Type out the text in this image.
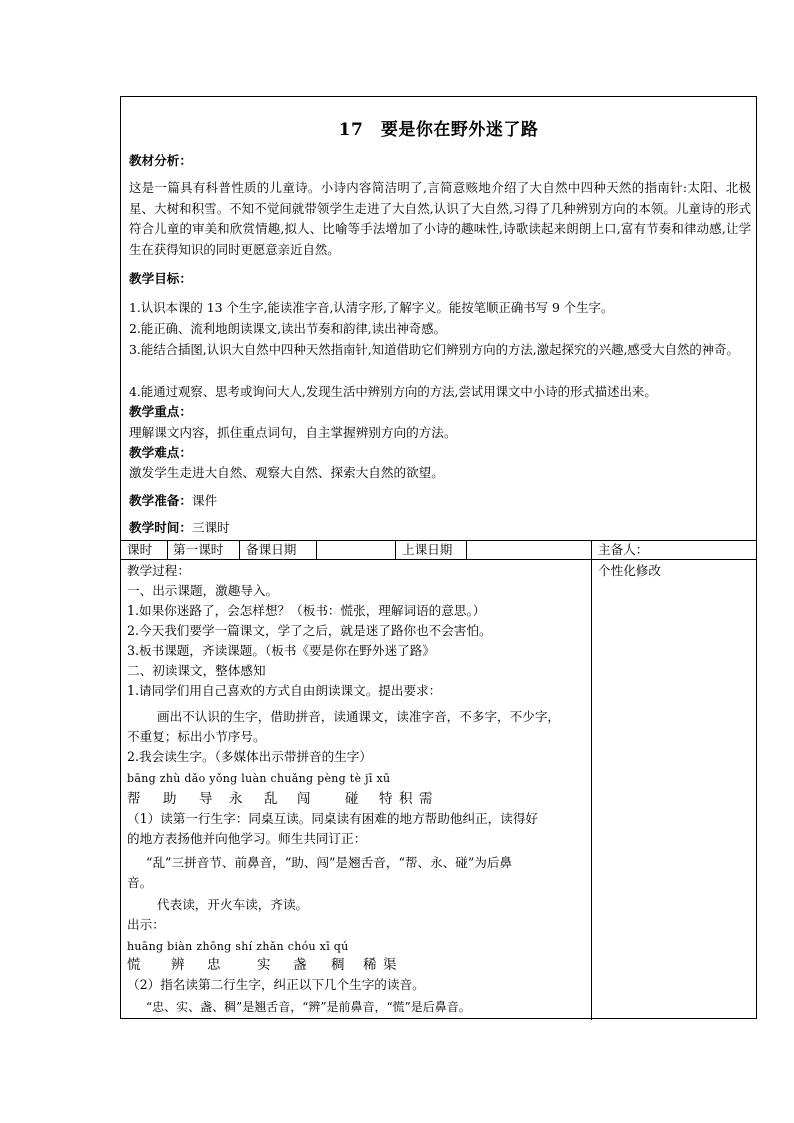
17　要是你在野外迷了路
教材分析：
这是一篇具有科普性质的儿童诗。小诗内容简洁明了,言简意赅地介绍了大自然中四种天然的指南针:太阳、北极星、大树和积雪。不知不觉间就带领学生走进了大自然,认识了大自然,习得了几种辨别方向的本领。儿童诗的形式符合儿童的审美和欣赏情趣,拟人、比喻等手法增加了小诗的趣味性,诗歌读起来朗朗上口,富有节奏和律动感,让学生在获得知识的同时更愿意亲近自然。
教学目标：
1.认识本课的 13 个生字,能读准字音,认清字形,了解字义。能按笔顺正确书写 9 个生字。
2.能正确、流利地朗读课文,读出节奏和韵律,读出神奇感。
3.能结合插图,认识大自然中四种天然指南针,知道借助它们辨别方向的方法,激起探究的兴趣,感受大自然的神奇。
4.能通过观察、思考或询问大人,发现生活中辨别方向的方法,尝试用课文中小诗的形式描述出来。
教学重点：
理解课文内容，抓住重点词句，自主掌握辨别方向的方法。
教学难点：
激发学生走进大自然、观察大自然、探索大自然的欲望。
教学准备：课件
教学时间：三课时
课时 第一课时 备课日期	上课日期	主备人：
个性化修改
教学过程：
一、出示课题，激趣导入。
1.如果你迷路了，会怎样想？（板书：慌张，理解词语的意思。）
2.今天我们要学一篇课文，学了之后，就是迷了路你也不会害怕。
3.板书课题，齐读课题。（板书《要是你在野外迷了路》
二、初读课文，整体感知
1.请同学们用自己喜欢的方式自由朗读课文。提出要求：
画出不认识的生字，借助拼音，读通课文，读准字音，不多字，不少字，
不重复；标出小节序号。
2.我会读生字。（多媒体出示带拼音的生字）
bāng zhù dǎo yǒng luàn chuǎng pèng tè jī xū
帮 助 导 永 乱 闯	碰 特 积 需
（1）读第一行生字：同桌互读。同桌读有困难的地方帮助他纠正，读得好
的地方表扬他并向他学习。师生共同订正：
“乱”三拼音节、前鼻音，“助、闯”是翘舌音，“帮、永、碰”为后鼻
音。
代表读，开火车读，齐读。
出示：
huāng biàn zhōng shí zhǎn chóu xī qú
慌 辨 忠	实 盏 稠 稀 渠
（2）指名读第二行生字，纠正以下几个生字的读音。
“忠、实、盏、稠”是翘舌音，“辨”是前鼻音，“慌”是后鼻音。
